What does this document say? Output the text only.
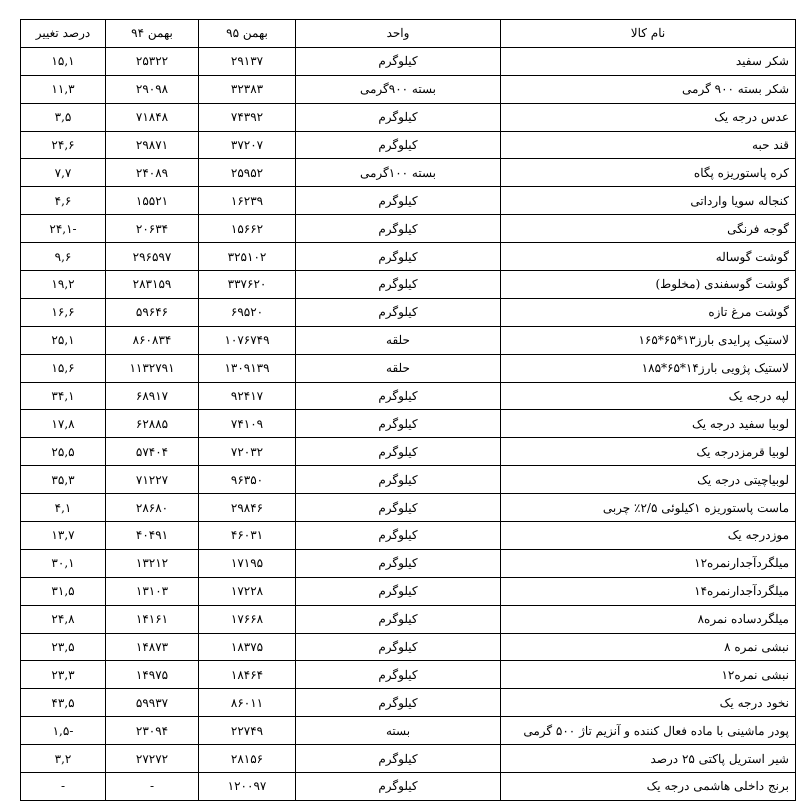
نام کالا	واحد	بهمن ۹۵	بهمن ۹۴	درصد تغییر
شکر سفید	کیلوگرم	۲۹۱۳۷	۲۵۳۲۲	۱۵,۱
شکر بسته ۹۰۰ گرمی	بسته ۹۰۰گرمی	۳۲۳۸۳	۲۹۰۹۸	۱۱,۳
عدس درجه یک	کیلوگرم	۷۴۳۹۲	۷۱۸۴۸	۳,۵
قند حبه	کیلوگرم	۳۷۲۰۷	۲۹۸۷۱	۲۴,۶
کره پاستوریزه پگاه	بسته ۱۰۰گرمی	۲۵۹۵۲	۲۴۰۸۹	۷,۷
کنجاله سویا وارداتی	کیلوگرم	۱۶۲۳۹	۱۵۵۲۱	۴,۶
گوجه فرنگی	کیلوگرم	۱۵۶۶۲	۲۰۶۳۴	-۲۴,۱
گوشت گوساله	کیلوگرم	۳۲۵۱۰۲	۲۹۶۵۹۷	۹,۶
گوشت گوسفندی (مخلوط)	کیلوگرم	۳۳۷۶۲۰	۲۸۳۱۵۹	۱۹,۲
گوشت مرغ تازه	کیلوگرم	۶۹۵۲۰	۵۹۶۴۶	۱۶,۶
لاستیک پرایدی بارز۱۳*۶۵*۱۶۵	حلقه	۱۰۷۶۷۴۹	۸۶۰۸۳۴	۲۵,۱
لاستیک پژویی بارز۱۴*۶۵*۱۸۵	حلقه	۱۳۰۹۱۳۹	۱۱۳۲۷۹۱	۱۵,۶
لپه درجه یک	کیلوگرم	۹۲۴۱۷	۶۸۹۱۷	۳۴,۱
لوبیا سفید درجه یک	کیلوگرم	۷۴۱۰۹	۶۲۸۸۵	۱۷,۸
لوبیا قرمزدرجه یک	کیلوگرم	۷۲۰۳۲	۵۷۴۰۴	۲۵,۵
لوبیاچیتی درجه یک	کیلوگرم	۹۶۳۵۰	۷۱۲۲۷	۳۵,۳
ماست پاستوریزه ۱کیلوئی ۲/۵٪ چربی	کیلوگرم	۲۹۸۴۶	۲۸۶۸۰	۴,۱
موزدرجه یک	کیلوگرم	۴۶۰۳۱	۴۰۴۹۱	۱۳,۷
میلگردآجدارنمره۱۲	کیلوگرم	۱۷۱۹۵	۱۳۲۱۲	۳۰,۱
میلگردآجدارنمره۱۴	کیلوگرم	۱۷۲۲۸	۱۳۱۰۳	۳۱,۵
میلگردساده نمره۸	کیلوگرم	۱۷۶۶۸	۱۴۱۶۱	۲۴,۸
نبشی نمره ۸	کیلوگرم	۱۸۳۷۵	۱۴۸۷۳	۲۳,۵
نبشی نمره۱۲	کیلوگرم	۱۸۴۶۴	۱۴۹۷۵	۲۳,۳
نخود درجه یک	کیلوگرم	۸۶۰۱۱	۵۹۹۳۷	۴۳,۵
پودر ماشینی با ماده فعال کننده و آنزیم تاژ ۵۰۰ گرمی	بسته	۲۲۷۴۹	۲۳۰۹۴	-۱,۵
شیر استریل پاکتی ۲۵ درصد	کیلوگرم	۲۸۱۵۶	۲۷۲۷۲	۳,۲
برنج داخلی هاشمی درجه یک	کیلوگرم	۱۲۰۰۹۷	-	-
